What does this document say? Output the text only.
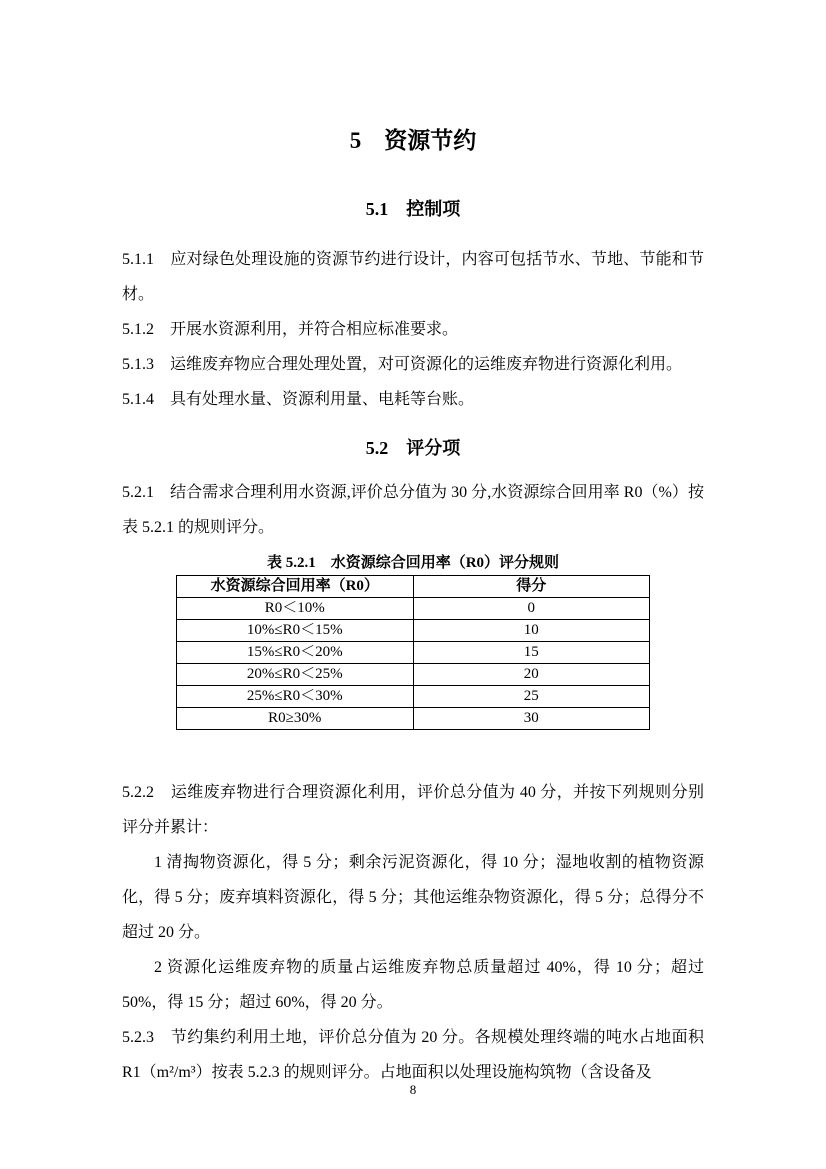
5　资源节约
5.1　控制项

5.1.1　应对绿色处理设施的资源节约进行设计，内容可包括节水、节地、节能和节材。

5.1.2　开展水资源利用，并符合相应标准要求。

5.1.3　运维废弃物应合理处理处置，对可资源化的运维废弃物进行资源化利用。

5.1.4　具有处理水量、资源利用量、电耗等台账。

5.2　评分项

5.2.1　结合需求合理利用水资源,评价总分值为 30 分,水资源综合回用率 R0（%）按表 5.2.1 的规则评分。

表 5.2.1　水资源综合回用率（R0）评分规则
水资源综合回用率（R0）	得分
R0＜10%	0
10%≤R0＜15%	10
15%≤R0＜20%	15
20%≤R0＜25%	20
25%≤R0＜30%	25
R0≥30%	30

5.2.2　运维废弃物进行合理资源化利用，评价总分值为 40 分，并按下列规则分别评分并累计：

1 清掏物资源化，得 5 分；剩余污泥资源化，得 10 分；湿地收割的植物资源化，得 5 分；废弃填料资源化，得 5 分；其他运维杂物资源化，得 5 分；总得分不超过 20 分。

2 资源化运维废弃物的质量占运维废弃物总质量超过 40%，得 10 分；超过 50%，得 15 分；超过 60%，得 20 分。

5.2.3　节约集约利用土地，评价总分值为 20 分。各规模处理终端的吨水占地面积 R1（m²/m³）按表 5.2.3 的规则评分。占地面积以处理设施构筑物（含设备及

8
